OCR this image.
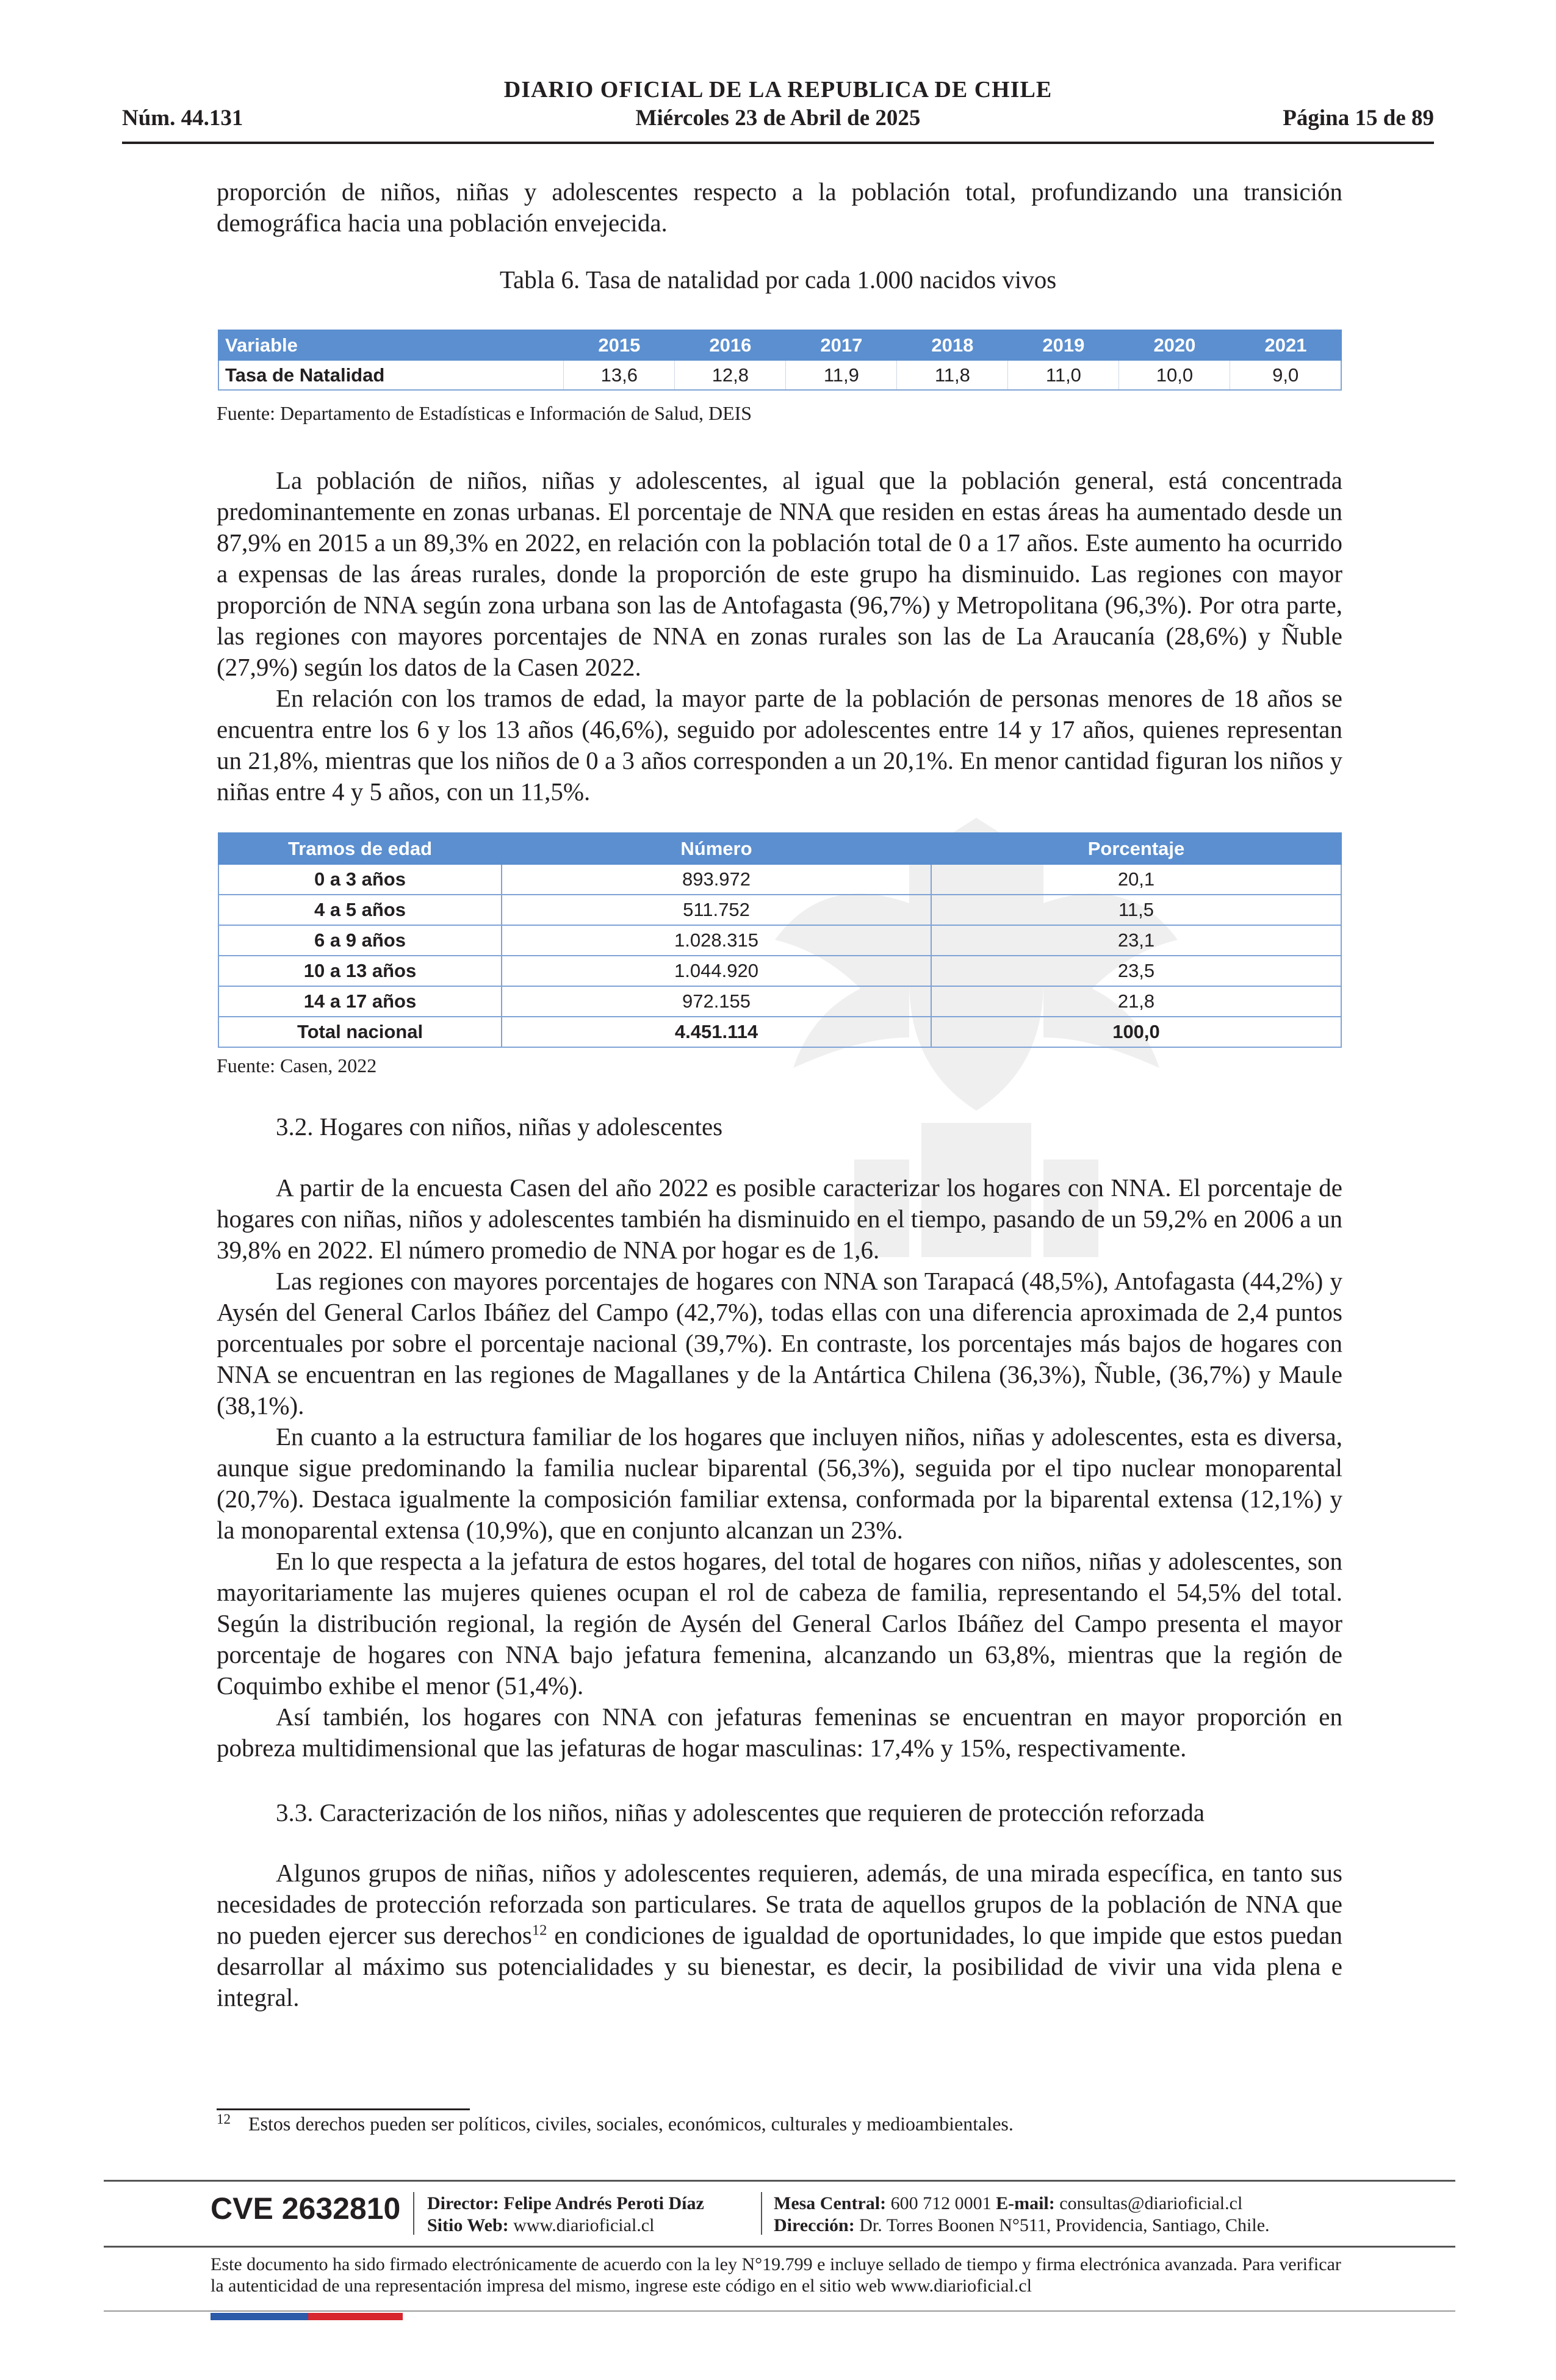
DIARIO OFICIAL DE LA REPUBLICA DE CHILE
Núm. 44.131	Miércoles 23 de Abril de 2025	Página 15 de 89

proporción de niños, niñas y adolescentes respecto a la población total, profundizando una transición demográfica hacia una población envejecida.

Tabla 6. Tasa de natalidad por cada 1.000 nacidos vivos
Variable	2015	2016	2017	2018	2019	2020	2021
Tasa de Natalidad	13,6	12,8	11,9	11,8	11,0	10,0	9,0
Fuente: Departamento de Estadísticas e Información de Salud, DEIS

La población de niños, niñas y adolescentes, al igual que la población general, está concentrada predominantemente en zonas urbanas. El porcentaje de NNA que residen en estas áreas ha aumentado desde un 87,9% en 2015 a un 89,3% en 2022, en relación con la población total de 0 a 17 años. Este aumento ha ocurrido a expensas de las áreas rurales, donde la proporción de este grupo ha disminuido. Las regiones con mayor proporción de NNA según zona urbana son las de Antofagasta (96,7%) y Metropolitana (96,3%). Por otra parte, las regiones con mayores porcentajes de NNA en zonas rurales son las de La Araucanía (28,6%) y Ñuble (27,9%) según los datos de la Casen 2022.

En relación con los tramos de edad, la mayor parte de la población de personas menores de 18 años se encuentra entre los 6 y los 13 años (46,6%), seguido por adolescentes entre 14 y 17 años, quienes representan un 21,8%, mientras que los niños de 0 a 3 años corresponden a un 20,1%. En menor cantidad figuran los niños y niñas entre 4 y 5 años, con un 11,5%.

Tramos de edad	Número	Porcentaje
0 a 3 años	893.972	20,1
4 a 5 años	511.752	11,5
6 a 9 años	1.028.315	23,1
10 a 13 años	1.044.920	23,5
14 a 17 años	972.155	21,8
Total nacional	4.451.114	100,0
Fuente: Casen, 2022
3.2. Hogares con niños, niñas y adolescentes

A partir de la encuesta Casen del año 2022 es posible caracterizar los hogares con NNA. El porcentaje de hogares con niñas, niños y adolescentes también ha disminuido en el tiempo, pasando de un 59,2% en 2006 a un 39,8% en 2022. El número promedio de NNA por hogar es de 1,6.

Las regiones con mayores porcentajes de hogares con NNA son Tarapacá (48,5%), Antofagasta (44,2%) y Aysén del General Carlos Ibáñez del Campo (42,7%), todas ellas con una diferencia aproximada de 2,4 puntos porcentuales por sobre el porcentaje nacional (39,7%). En contraste, los porcentajes más bajos de hogares con NNA se encuentran en las regiones de Magallanes y de la Antártica Chilena (36,3%), Ñuble, (36,7%) y Maule (38,1%).

En cuanto a la estructura familiar de los hogares que incluyen niños, niñas y adolescentes, esta es diversa, aunque sigue predominando la familia nuclear biparental (56,3%), seguida por el tipo nuclear monoparental (20,7%). Destaca igualmente la composición familiar extensa, conformada por la biparental extensa (12,1%) y la monoparental extensa (10,9%), que en conjunto alcanzan un 23%.

En lo que respecta a la jefatura de estos hogares, del total de hogares con niños, niñas y adolescentes, son mayoritariamente las mujeres quienes ocupan el rol de cabeza de familia, representando el 54,5% del total. Según la distribución regional, la región de Aysén del General Carlos Ibáñez del Campo presenta el mayor porcentaje de hogares con NNA bajo jefatura femenina, alcanzando un 63,8%, mientras que la región de Coquimbo exhibe el menor (51,4%).

Así también, los hogares con NNA con jefaturas femeninas se encuentran en mayor proporción en pobreza multidimensional que las jefaturas de hogar masculinas: 17,4% y 15%, respectivamente.

3.3. Caracterización de los niños, niñas y adolescentes que requieren de protección reforzada

Algunos grupos de niñas, niños y adolescentes requieren, además, de una mirada específica, en tanto sus necesidades de protección reforzada son particulares. Se trata de aquellos grupos de la población de NNA que no pueden ejercer sus derechos$^{12}$ en condiciones de igualdad de oportunidades, lo que impide que estos puedan desarrollar al máximo sus potencialidades y su bienestar, es decir, la posibilidad de vivir una vida plena e integral.

12 Estos derechos pueden ser políticos, civiles, sociales, económicos, culturales y medioambientales.
CVE 2632810 Director: Felipe Andrés Peroti Díaz
Sitio Web: www.diarioficial.cl
Mesa Central: 600 712 0001 E-mail: consultas@diarioficial.cl
Dirección: Dr. Torres Boonen N°511, Providencia, Santiago, Chile.
Este documento ha sido firmado electrónicamente de acuerdo con la ley N°19.799 e incluye sellado de tiempo y firma electrónica avanzada. Para verificar la autenticidad de una representación impresa del mismo, ingrese este código en el sitio web www.diarioficial.cl
